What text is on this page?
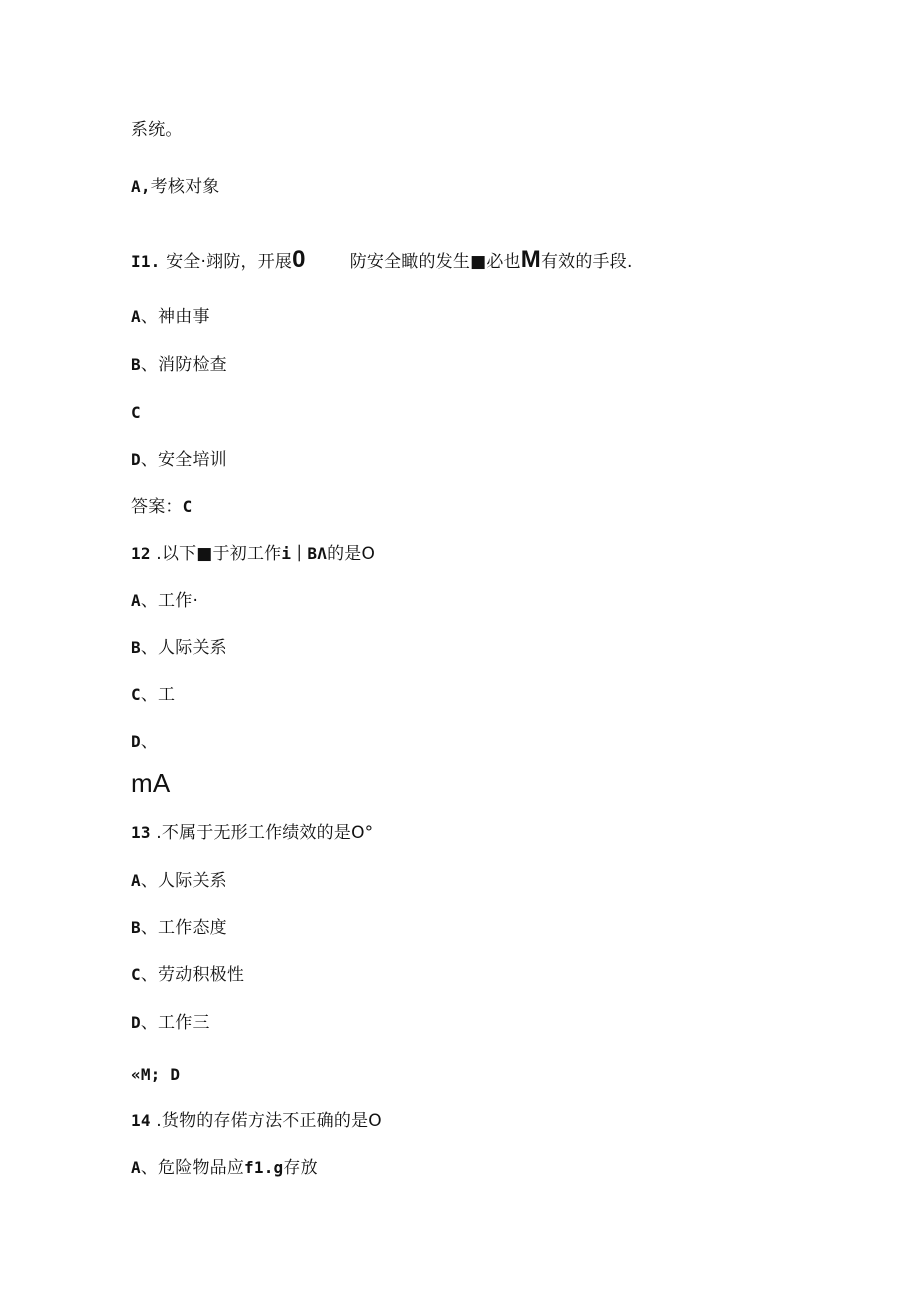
系统。
A,考核对象
I1. 安全·翊防，开展0	防安全瞰的发生■必也M有效的手段.
A、神由事
B、消防检查
C
D、安全培训
答案：C
12 .以下■于初工作i｜BΛ的是O
A、工作·
B、人际关系
C、工
D、
mA
13 .不属于无形工作绩效的是O°
A、人际关系
B、工作态度
C、劳动积极性
D、工作三
«M; D
14 .货物的存偌方法不正确的是O
A、危险物品应f1.g存放
